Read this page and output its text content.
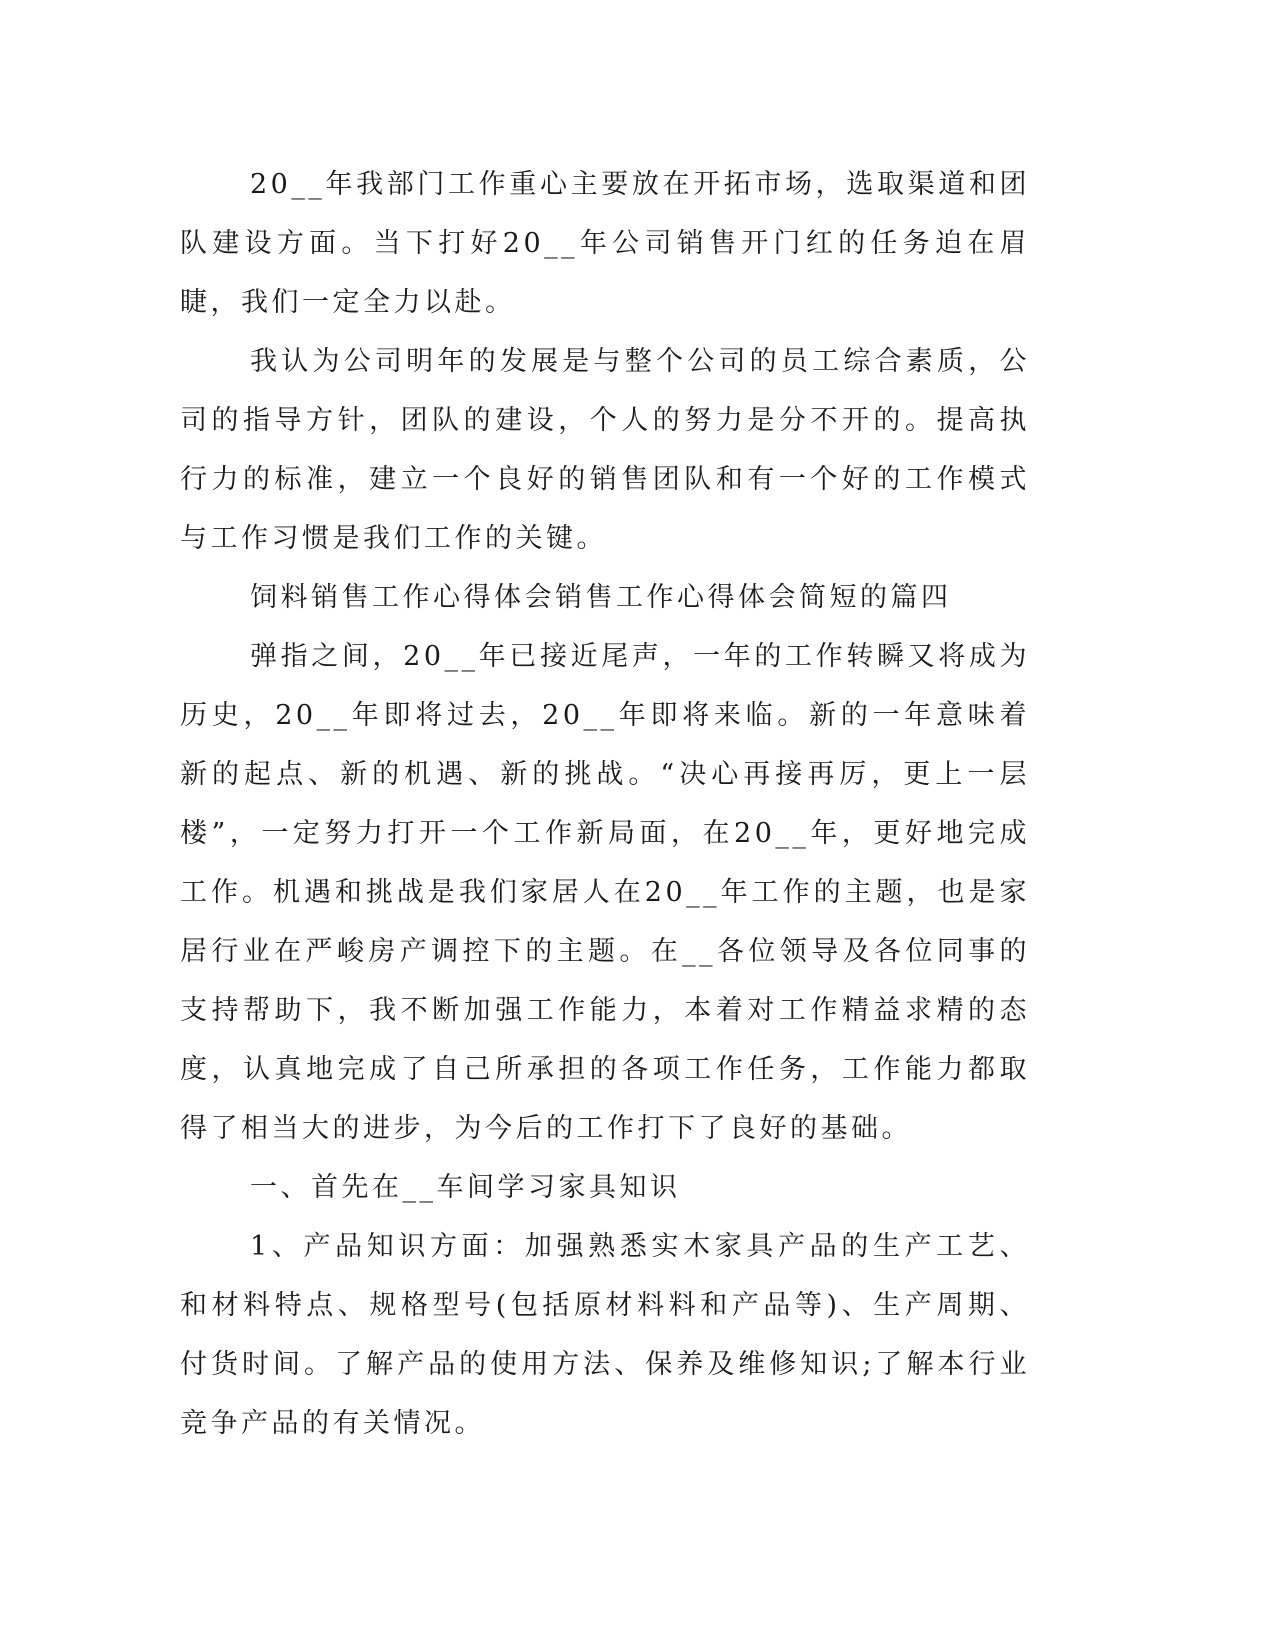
20__年我部门工作重心主要放在开拓市场，选取渠道和团队建设方面。当下打好20__年公司销售开门红的任务迫在眉睫，我们一定全力以赴。

我认为公司明年的发展是与整个公司的员工综合素质，公司的指导方针，团队的建设，个人的努力是分不开的。提高执行力的标准，建立一个良好的销售团队和有一个好的工作模式与工作习惯是我们工作的关键。

饲料销售工作心得体会销售工作心得体会简短的篇四

弹指之间，20__年已接近尾声，一年的工作转瞬又将成为历史，20__年即将过去，20__年即将来临。新的一年意味着新的起点、新的机遇、新的挑战。“决心再接再厉，更上一层楼”，一定努力打开一个工作新局面，在20__年，更好地完成工作。机遇和挑战是我们家居人在20__年工作的主题，也是家居行业在严峻房产调控下的主题。在__各位领导及各位同事的支持帮助下，我不断加强工作能力，本着对工作精益求精的态度，认真地完成了自己所承担的各项工作任务，工作能力都取得了相当大的进步，为今后的工作打下了良好的基础。

一、首先在__车间学习家具知识

1、产品知识方面：加强熟悉实木家具产品的生产工艺、和材料特点、规格型号(包括原材料料和产品等)、生产周期、付货时间。了解产品的使用方法、保养及维修知识;了解本行业竞争产品的有关情况。
